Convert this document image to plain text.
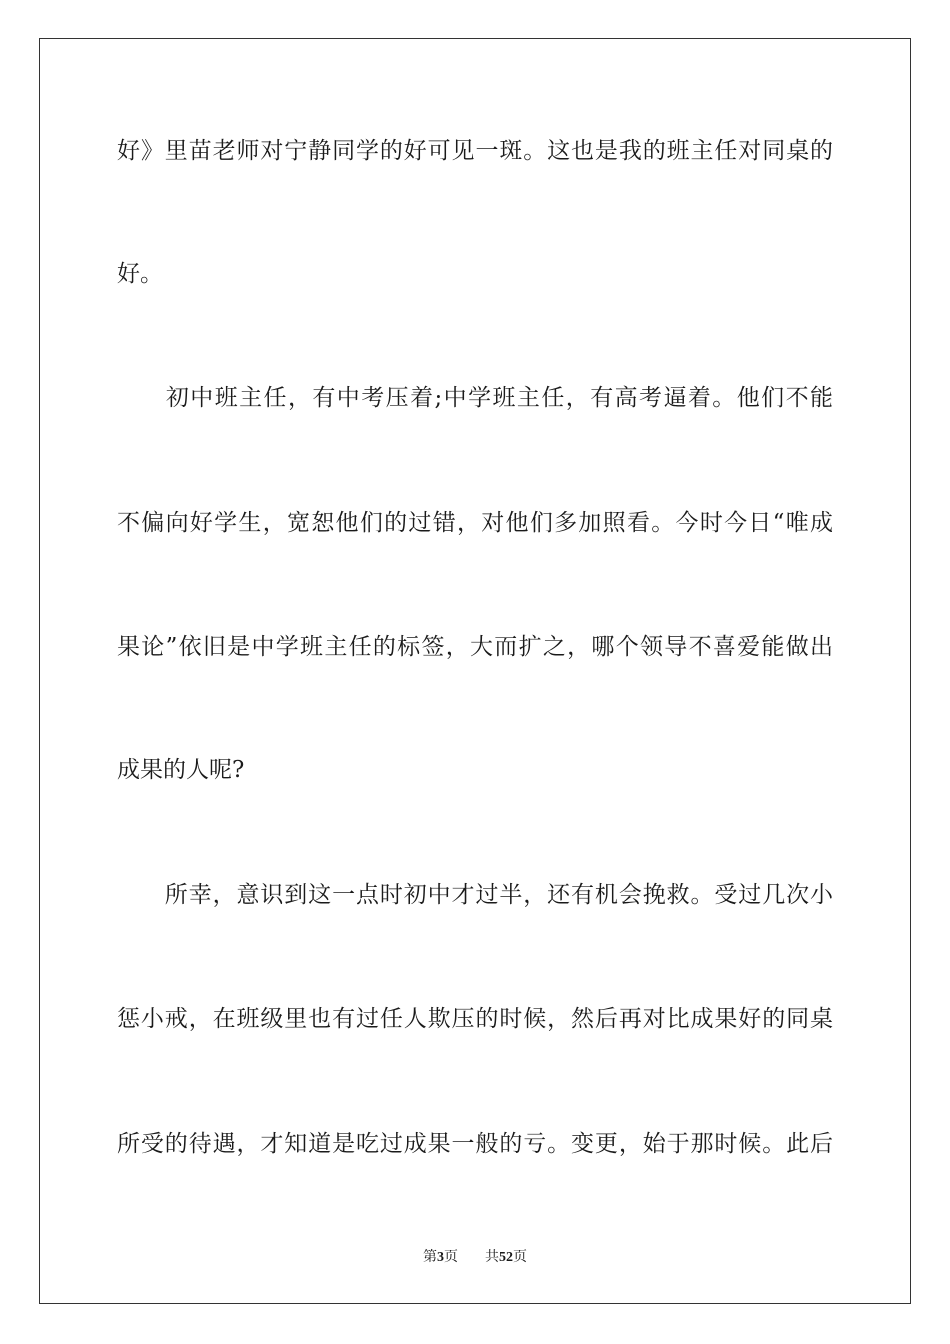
好》里苗老师对宁静同学的好可见一斑。这也是我的班主任对同桌的
好。
　　初中班主任，有中考压着;中学班主任，有高考逼着。他们不能
不偏向好学生，宽恕他们的过错，对他们多加照看。今时今日“唯成
果论”依旧是中学班主任的标签，大而扩之，哪个领导不喜爱能做出
成果的人呢?
　　所幸，意识到这一点时初中才过半，还有机会挽救。受过几次小
惩小戒，在班级里也有过任人欺压的时候，然后再对比成果好的同桌
所受的待遇，才知道是吃过成果一般的亏。变更，始于那时候。此后
第3页 共52页
